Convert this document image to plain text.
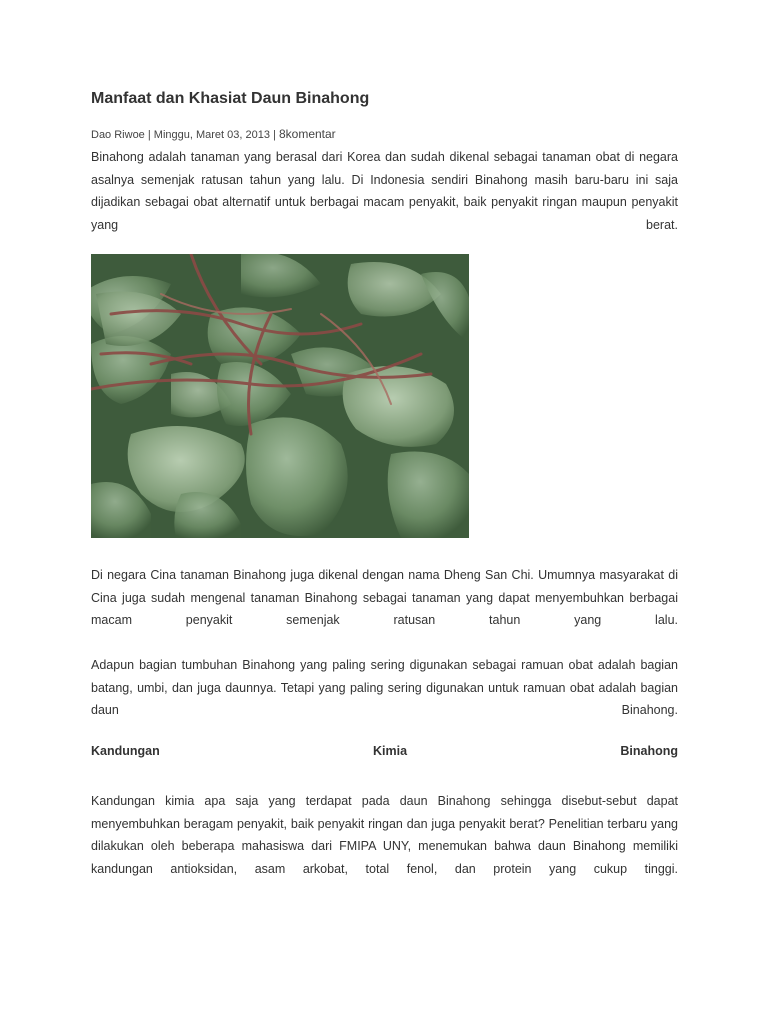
Manfaat dan Khasiat Daun Binahong
Dao Riwoe | Minggu, Maret 03, 2013 | 8komentar

Binahong adalah tanaman yang berasal dari Korea dan sudah dikenal sebagai tanaman obat di negara
asalnya semenjak ratusan tahun yang lalu. Di Indonesia sendiri Binahong masih baru-baru ini saja
dijadikan sebagai obat alternatif untuk berbagai macam penyakit, baik penyakit ringan maupun penyakit
yang berat.

Di negara Cina tanaman Binahong juga dikenal dengan nama Dheng San Chi. Umumnya masyarakat di
Cina juga sudah mengenal tanaman Binahong sebagai tanaman yang dapat menyembuhkan berbagai
macam penyakit semenjak ratusan tahun yang lalu.

Adapun bagian tumbuhan Binahong yang paling sering digunakan sebagai ramuan obat adalah bagian
batang, umbi, dan juga daunnya. Tetapi yang paling sering digunakan untuk ramuan obat adalah bagian
daun Binahong.

Kandungan	Kimia	Binahong

Kandungan kimia apa saja yang terdapat pada daun Binahong sehingga disebut-sebut dapat
menyembuhkan beragam penyakit, baik penyakit ringan dan juga penyakit berat? Penelitian terbaru yang
dilakukan oleh beberapa mahasiswa dari FMIPA UNY, menemukan bahwa daun Binahong memiliki
kandungan antioksidan, asam arkobat, total fenol, dan protein yang cukup tinggi.
